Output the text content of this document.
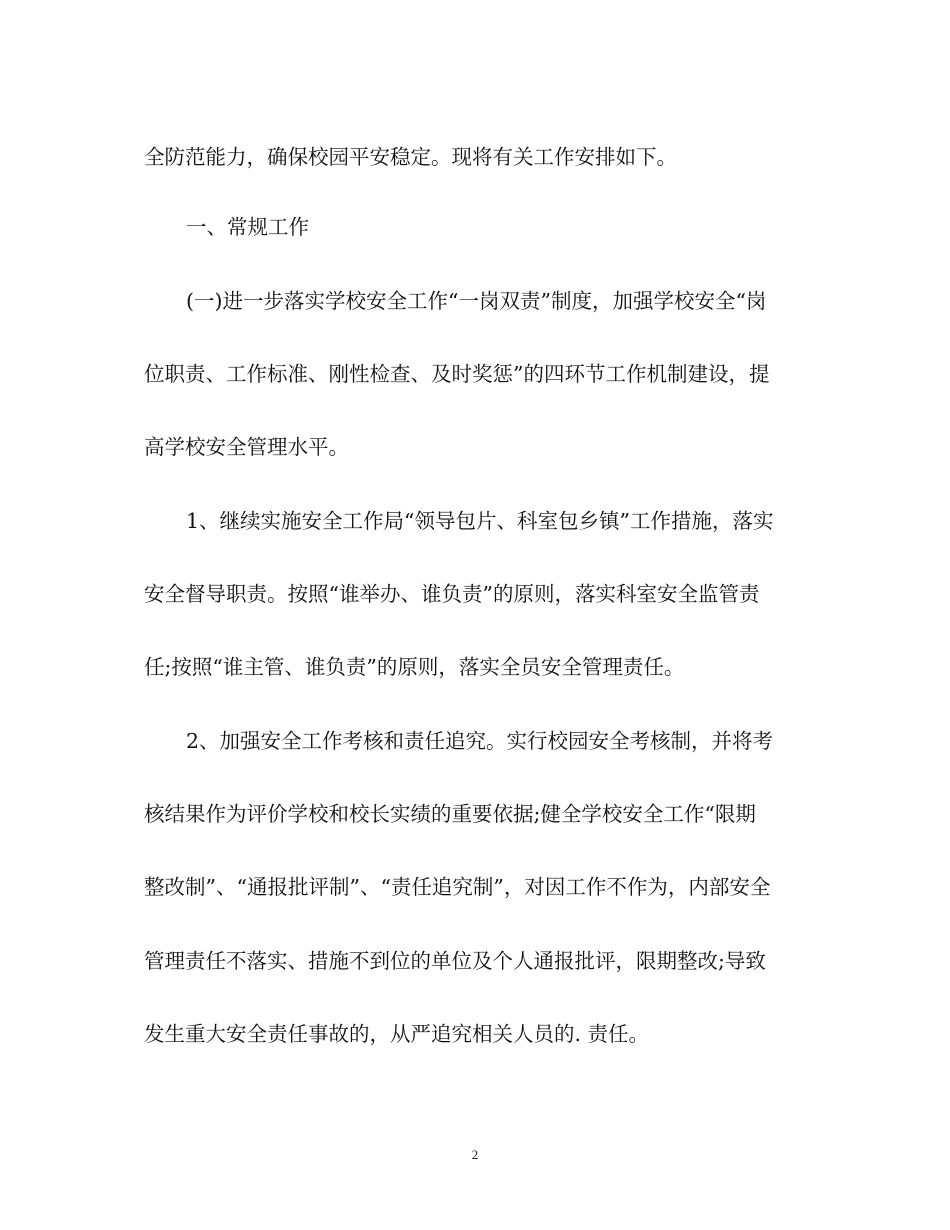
全防范能力，确保校园平安稳定。现将有关工作安排如下。
一、常规工作
(一)进一步落实学校安全工作“一岗双责”制度，加强学校安全“岗
位职责、工作标准、刚性检查、及时奖惩”的四环节工作机制建设，提
高学校安全管理水平。
1、继续实施安全工作局“领导包片、科室包乡镇”工作措施，落实
安全督导职责。按照“谁举办、谁负责”的原则，落实科室安全监管责
任;按照“谁主管、谁负责”的原则，落实全员安全管理责任。
2、加强安全工作考核和责任追究。实行校园安全考核制，并将考
核结果作为评价学校和校长实绩的重要依据;健全学校安全工作“限期
整改制”、“通报批评制”、“责任追究制”，对因工作不作为，内部安全
管理责任不落实、措施不到位的单位及个人通报批评，限期整改;导致
发生重大安全责任事故的，从严追究相关人员的. 责任。
2
